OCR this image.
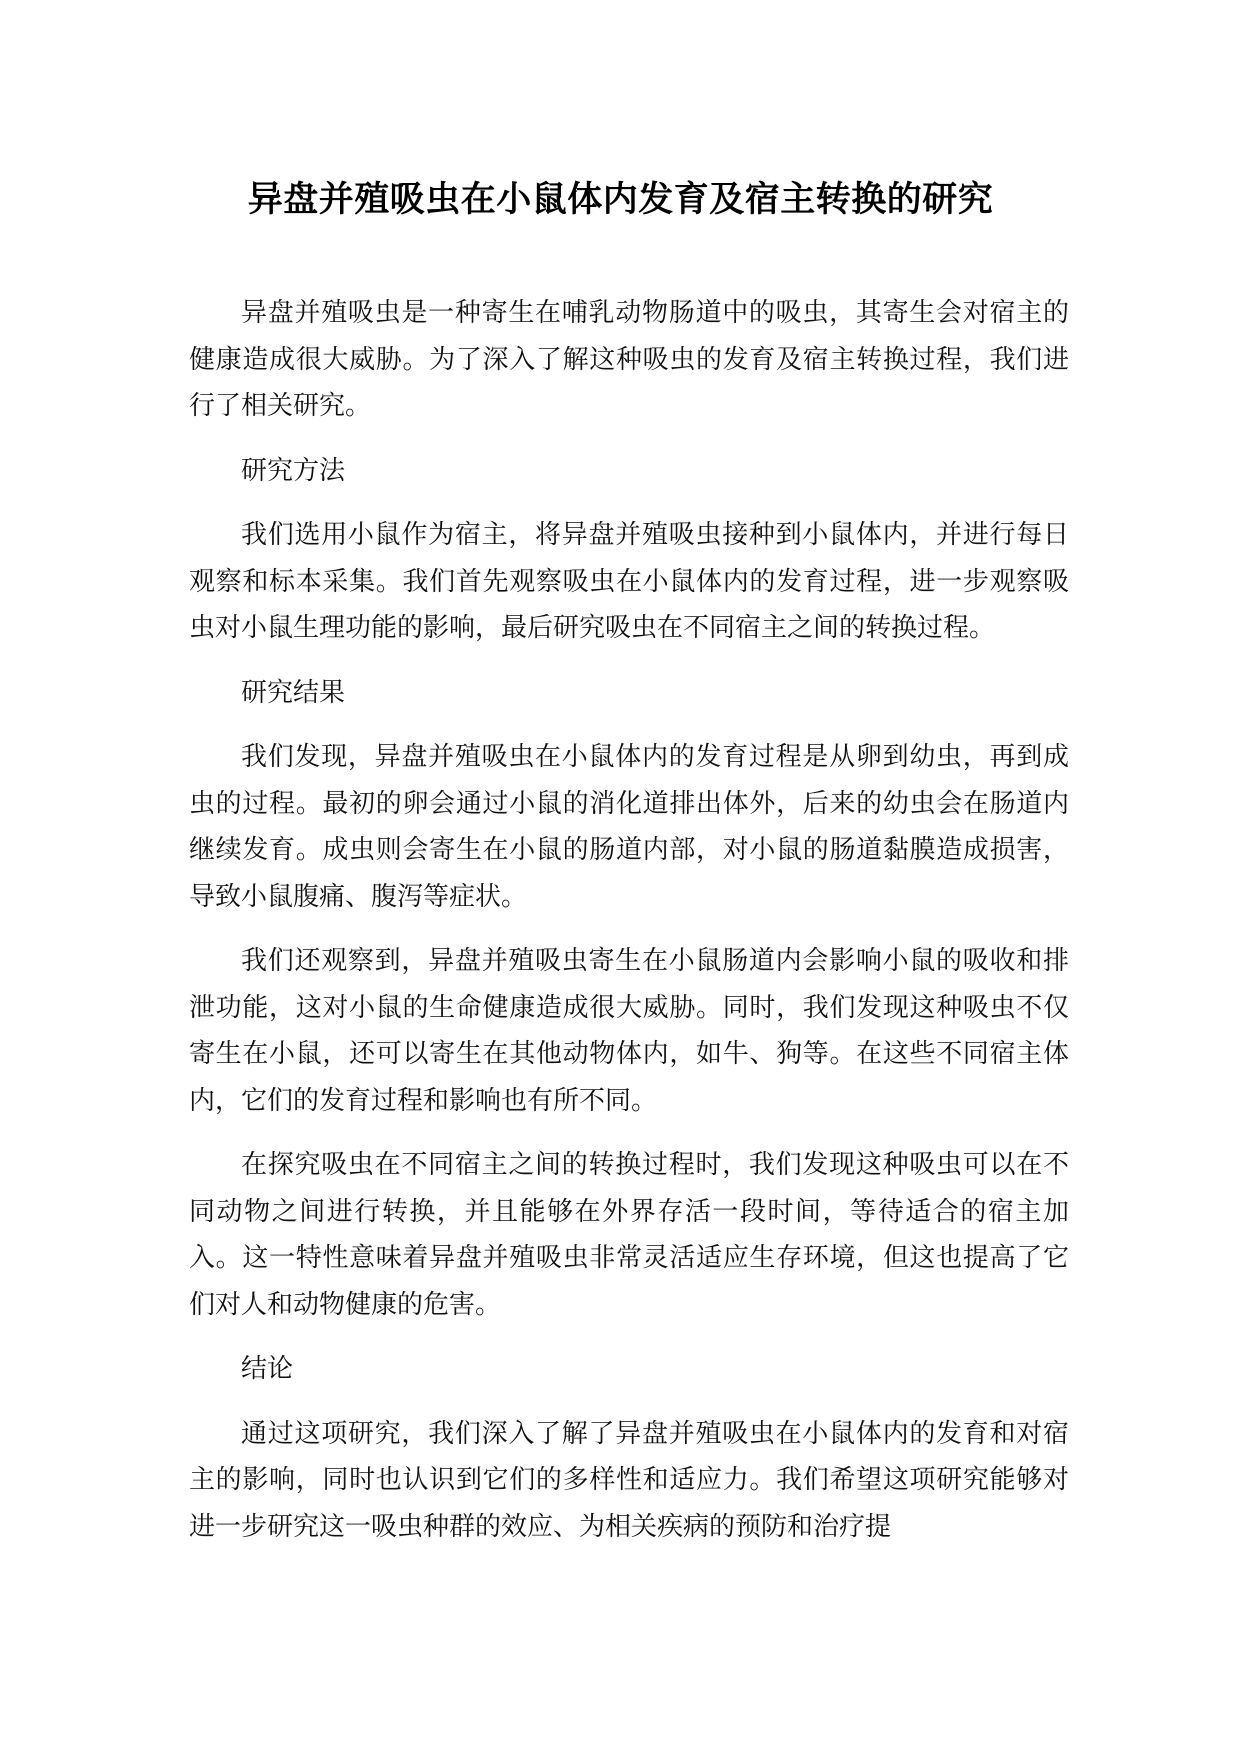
异盘并殖吸虫在小鼠体内发育及宿主转换的研究

异盘并殖吸虫是一种寄生在哺乳动物肠道中的吸虫，其寄生会对宿主的健康造成很大威胁。为了深入了解这种吸虫的发育及宿主转换过程，我们进行了相关研究。

研究方法

我们选用小鼠作为宿主，将异盘并殖吸虫接种到小鼠体内，并进行每日观察和标本采集。我们首先观察吸虫在小鼠体内的发育过程，进一步观察吸虫对小鼠生理功能的影响，最后研究吸虫在不同宿主之间的转换过程。

研究结果

我们发现，异盘并殖吸虫在小鼠体内的发育过程是从卵到幼虫，再到成虫的过程。最初的卵会通过小鼠的消化道排出体外，后来的幼虫会在肠道内继续发育。成虫则会寄生在小鼠的肠道内部，对小鼠的肠道黏膜造成损害，导致小鼠腹痛、腹泻等症状。

我们还观察到，异盘并殖吸虫寄生在小鼠肠道内会影响小鼠的吸收和排泄功能，这对小鼠的生命健康造成很大威胁。同时，我们发现这种吸虫不仅寄生在小鼠，还可以寄生在其他动物体内，如牛、狗等。在这些不同宿主体内，它们的发育过程和影响也有所不同。

在探究吸虫在不同宿主之间的转换过程时，我们发现这种吸虫可以在不同动物之间进行转换，并且能够在外界存活一段时间，等待适合的宿主加入。这一特性意味着异盘并殖吸虫非常灵活适应生存环境，但这也提高了它们对人和动物健康的危害。

结论

通过这项研究，我们深入了解了异盘并殖吸虫在小鼠体内的发育和对宿主的影响，同时也认识到它们的多样性和适应力。我们希望这项研究能够对进一步研究这一吸虫种群的效应、为相关疾病的预防和治疗提
